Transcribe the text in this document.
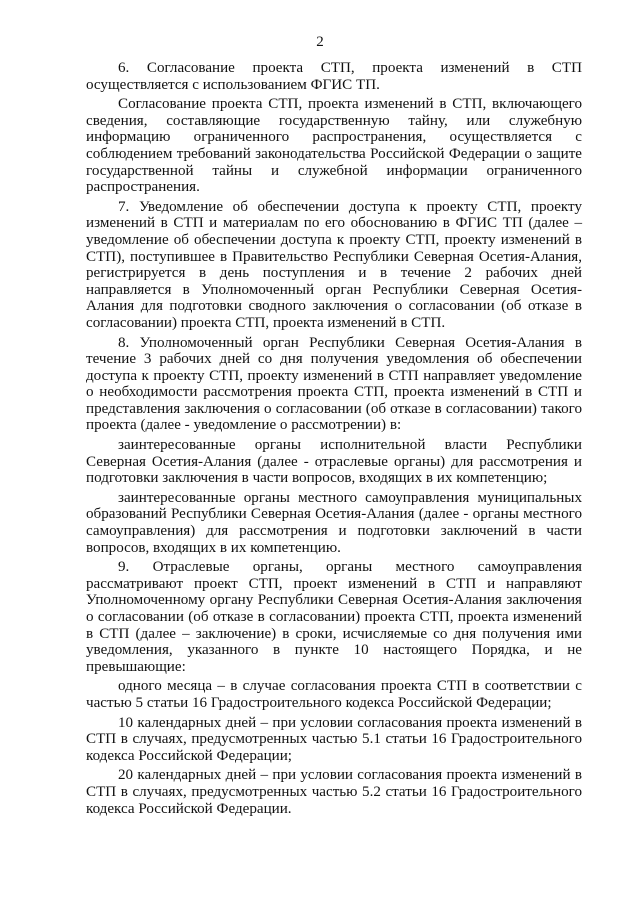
2

6. Согласование проекта СТП, проекта изменений в СТП осуществляется с использованием ФГИС ТП.

Согласование проекта СТП, проекта изменений в СТП, включающего сведения, составляющие государственную тайну, или служебную информацию ограниченного распространения, осуществляется с соблюдением требований законодательства Российской Федерации о защите государственной тайны и служебной информации ограниченного распространения.

7. Уведомление об обеспечении доступа к проекту СТП, проекту изменений в СТП и материалам по его обоснованию в ФГИС ТП (далее – уведомление об обеспечении доступа к проекту СТП, проекту изменений в СТП), поступившее в Правительство Республики Северная Осетия-Алания, регистрируется в день поступления и в течение 2 рабочих дней направляется в Уполномоченный орган Республики Северная Осетия-Алания для подготовки сводного заключения о согласовании (об отказе в согласовании) проекта СТП, проекта изменений в СТП.

8. Уполномоченный орган Республики Северная Осетия-Алания в течение 3 рабочих дней со дня получения уведомления об обеспечении доступа к проекту СТП, проекту изменений в СТП направляет уведомление о необходимости рассмотрения проекта СТП, проекта изменений в СТП и представления заключения о согласовании (об отказе в согласовании) такого проекта (далее - уведомление о рассмотрении) в:

заинтересованные органы исполнительной власти Республики Северная Осетия-Алания (далее - отраслевые органы) для рассмотрения и подготовки заключения в части вопросов, входящих в их компетенцию;

заинтересованные органы местного самоуправления муниципальных образований Республики Северная Осетия-Алания (далее - органы местного самоуправления) для рассмотрения и подготовки заключений в части вопросов, входящих в их компетенцию.

9. Отраслевые органы, органы местного самоуправления рассматривают проект СТП, проект изменений в СТП и направляют Уполномоченному органу Республики Северная Осетия-Алания заключения о согласовании (об отказе в согласовании) проекта СТП, проекта изменений в СТП (далее – заключение) в сроки, исчисляемые со дня получения ими уведомления, указанного в пункте 10 настоящего Порядка, и не превышающие:

одного месяца – в случае согласования проекта СТП в соответствии с частью 5 статьи 16 Градостроительного кодекса Российской Федерации;

10 календарных дней – при условии согласования проекта изменений в СТП в случаях, предусмотренных частью 5.1 статьи 16 Градостроительного кодекса Российской Федерации;

20 календарных дней – при условии согласования проекта изменений в СТП в случаях, предусмотренных частью 5.2 статьи 16 Градостроительного кодекса Российской Федерации.
